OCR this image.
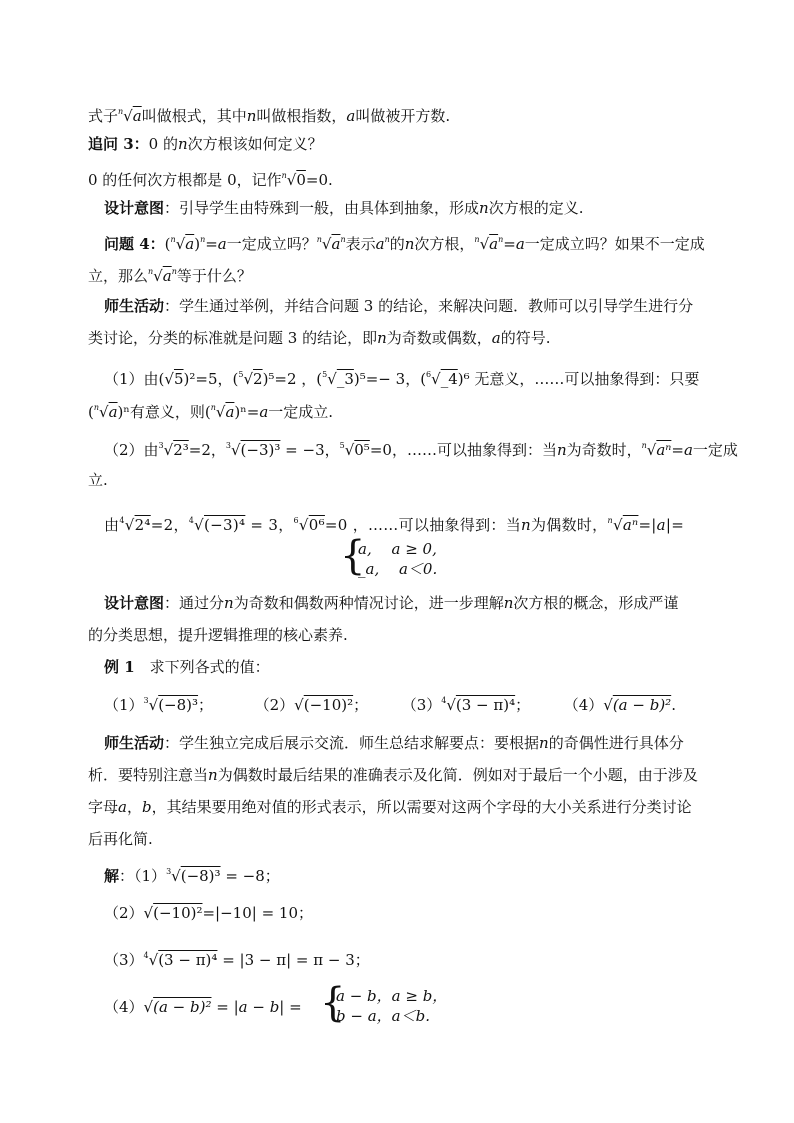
式子$^n$√a叫做根式，其中n叫做根指数，a叫做被开方数.
追问 3：0 的n次方根该如何定义？
0 的任何次方根都是 0，记作$^n$√0=0.
设计意图：引导学生由特殊到一般，由具体到抽象，形成n次方根的定义.
问题 4：$(^n√a)^n=a$一定成立吗？$^n√a^n$表示$a^n$的n次方根，$^n√a^n=a$一定成立吗？如果不一定成
立，那么$^n√a^n$等于什么？
师生活动：学生通过举例，并结合问题 3 的结论，来解决问题．教师可以引导学生进行分
类讨论，分类的标准就是问题 3 的结论，即n为奇数或偶数，a的符号.
（1）由(√5)²=5，($^5$√2)⁵=2 ，($^5$√_3)⁵=− 3，($^6$√_4)⁶ 无意义，……可以抽象得到：只要
($^n$√a)ⁿ有意义，则($^n$√a)ⁿ=a一定成立.
（2）由$^3$√2³=2，$^3$√(−3)³ = −3，$^5$√0⁵=0，……可以抽象得到：当n为奇数时，$^n$√aⁿ=a一定成
立.
由$^4$√2⁴=2，$^4$√(−3)⁴ = 3，$^6$√0⁶=0 ，……可以抽象得到：当n为偶数时，$^n$√aⁿ=|a|=
{
a,　 a ≥ 0,
_a,　 a＜0.
设计意图：通过分n为奇数和偶数两种情况讨论，进一步理解n次方根的概念，形成严谨
的分类思想，提升逻辑推理的核心素养.
例 1　求下列各式的值：
$(1)^3√(-8)^3$；	（2）√(−10)²； $(3)^4√(3 - \pi)^4$； （4）√(a − b)².
师生活动：学生独立完成后展示交流．师生总结求解要点：要根据n的奇偶性进行具体分
析．要特别注意当n为偶数时最后结果的准确表示及化简．例如对于最后一个小题，由于涉及
字母a，b，其结果要用绝对值的形式表示，所以需要对这两个字母的大小关系进行分类讨论
后再化简.
解：$(1)^3√(-8)^3 = -8$；
（2）√(−10)²=|−10| = 10；
$(3)^4√(3 - \pi)^4 = |3 - \pi| = \pi - 3$；
（4）√(a − b)² = |a − b| = {
a − b，a ≥ b，
b − a，a＜b.
